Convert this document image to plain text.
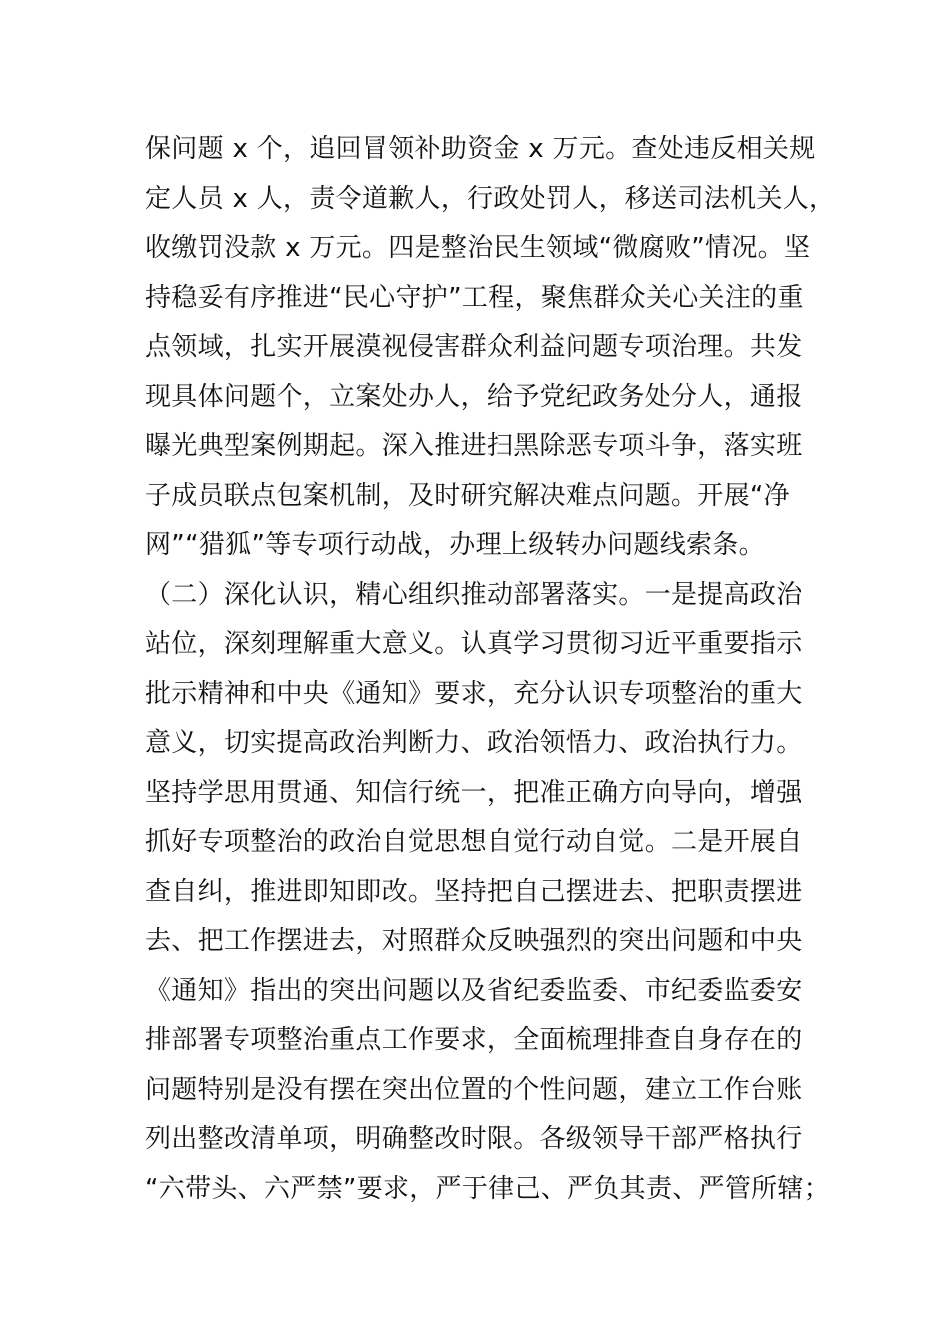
保问题 x 个，追回冒领补助资金 x 万元。查处违反相关规
定人员 x 人，责令道歉人，行政处罚人，移送司法机关人，
收缴罚没款 x 万元。四是整治民生领域“微腐败”情况。坚
持稳妥有序推进“民心守护”工程，聚焦群众关心关注的重
点领域，扎实开展漠视侵害群众利益问题专项治理。共发
现具体问题个，立案处办人，给予党纪政务处分人，通报
曝光典型案例期起。深入推进扫黑除恶专项斗争，落实班
子成员联点包案机制，及时研究解决难点问题。开展“净
网”“猎狐”等专项行动战，办理上级转办问题线索条。
（二）深化认识，精心组织推动部署落实。一是提高政治
站位，深刻理解重大意义。认真学习贯彻习近平重要指示
批示精神和中央《通知》要求，充分认识专项整治的重大
意义，切实提高政治判断力、政治领悟力、政治执行力。
坚持学思用贯通、知信行统一，把准正确方向导向，增强
抓好专项整治的政治自觉思想自觉行动自觉。二是开展自
查自纠，推进即知即改。坚持把自己摆进去、把职责摆进
去、把工作摆进去，对照群众反映强烈的突出问题和中央
《通知》指出的突出问题以及省纪委监委、市纪委监委安
排部署专项整治重点工作要求，全面梳理排查自身存在的
问题特别是没有摆在突出位置的个性问题，建立工作台账
列出整改清单项，明确整改时限。各级领导干部严格执行
“六带头、六严禁”要求，严于律己、严负其责、严管所辖；
